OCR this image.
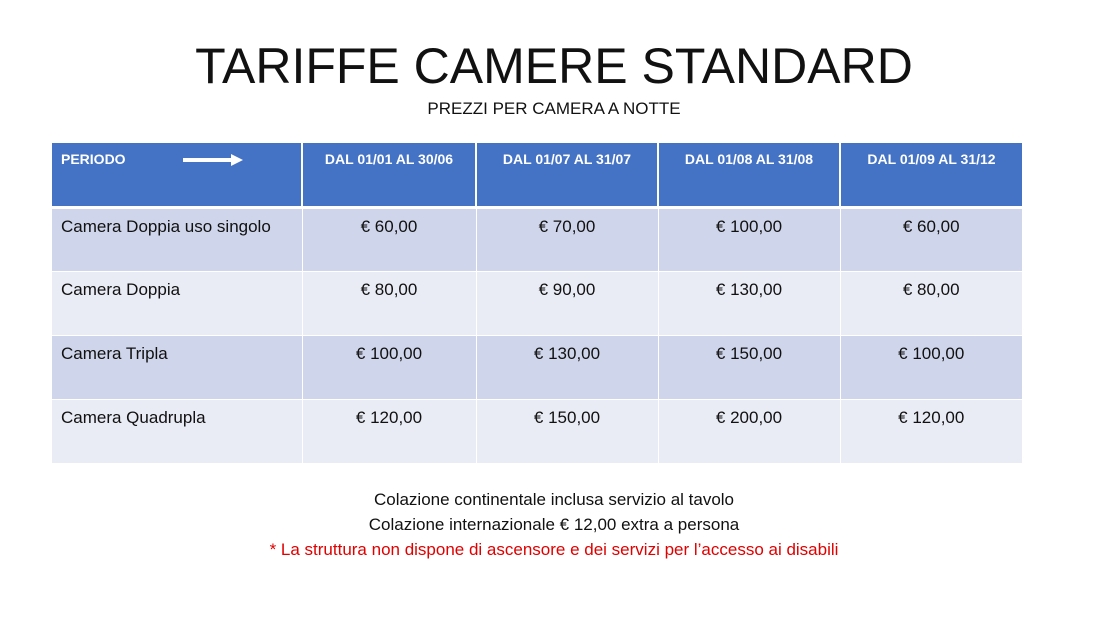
TARIFFE CAMERE STANDARD

PREZZI PER CAMERA A NOTTE

PERIODO	DAL 01/01 AL 30/06	DAL 01/07 AL 31/07	DAL 01/08 AL 31/08	DAL 01/09 AL 31/12
Camera Doppia uso singolo	€ 60,00	€ 70,00	€ 100,00	€ 60,00
Camera Doppia	€ 80,00	€ 90,00	€ 130,00	€ 80,00
Camera Tripla	€ 100,00	€ 130,00	€ 150,00	€ 100,00
Camera Quadrupla	€ 120,00	€ 150,00	€ 200,00	€ 120,00
Colazione continentale inclusa servizio al tavolo
Colazione internazionale € 12,00 extra a persona
* La struttura non dispone di ascensore e dei servizi per l’accesso ai disabili
